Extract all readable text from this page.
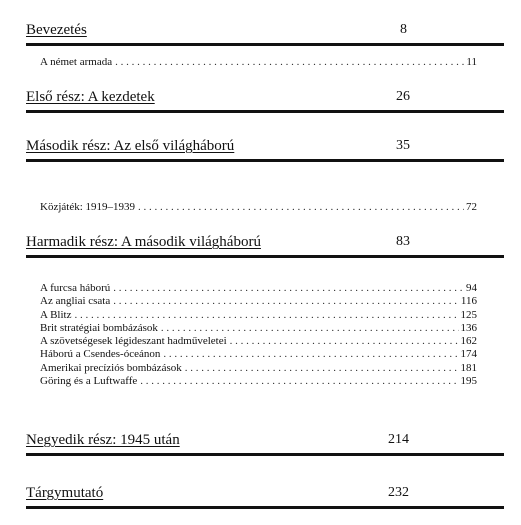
Bevezetés	8
A német armada . . .	11
Első rész: A kezdetek	26
Második rész: Az első világháború	35
Közjáték: 1919–1939 . . .	72
Harmadik rész: A második világháború	83
A furcsa háború . . .	94
Az angliai csata . . .	116
A Blitz . . .	125
Brit stratégiai bombázások . . .	136
A szövetségesek légideszant hadműveletei . . .	162
Háború a Csendes-óceánon . . .	174
Amerikai precíziós bombázások . . .	181
Göring és a Luftwaffe . . .	195
Negyedik rész: 1945 után	214
Tárgymutató	232
